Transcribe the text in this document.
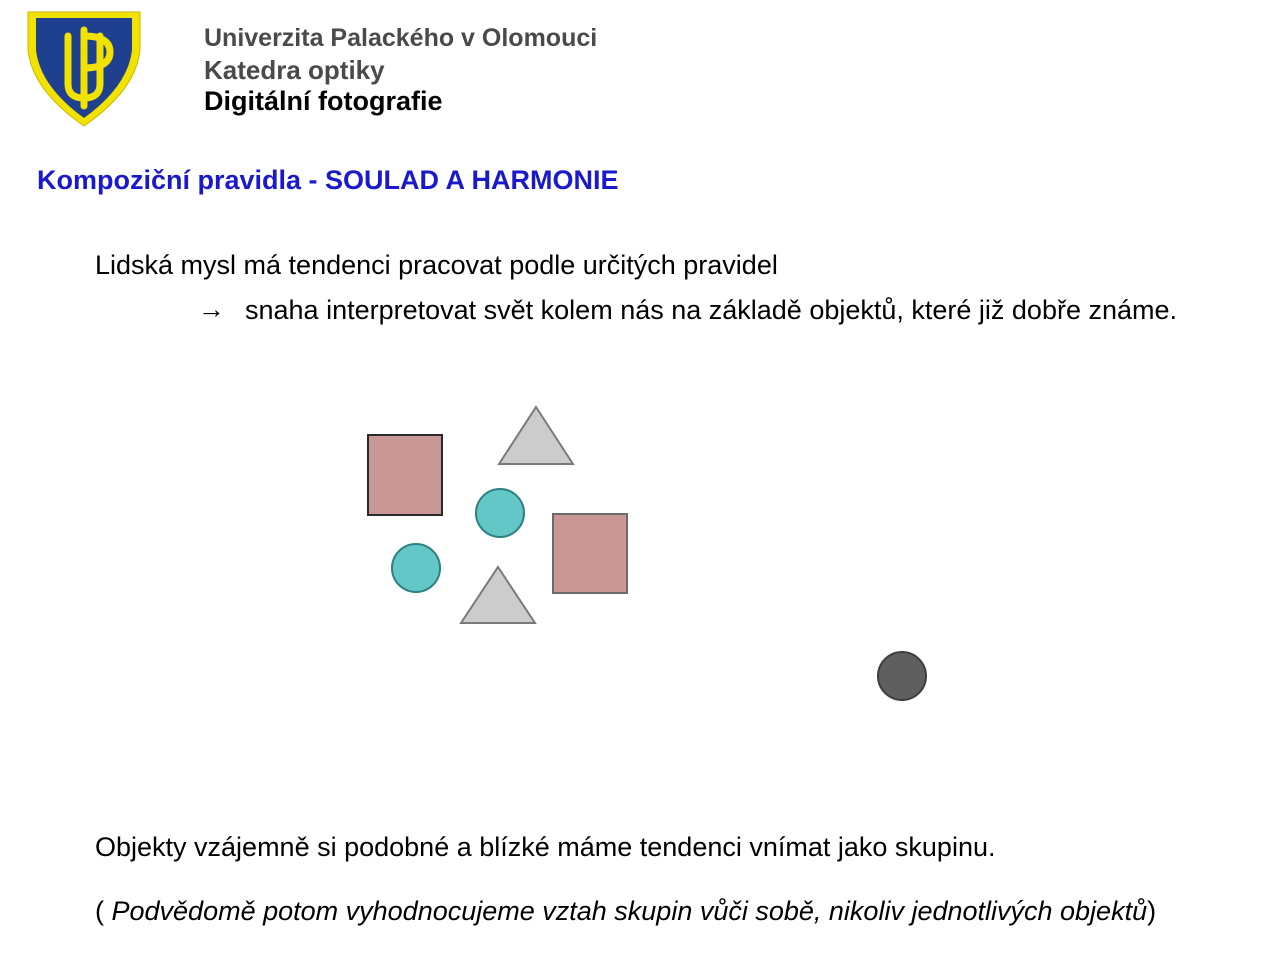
Univerzita Palackého v Olomouci
Katedra optiky
Digitální fotografie
Kompoziční pravidla - SOULAD A HARMONIE
Lidská mysl má tendenci pracovat podle určitých pravidel
→ snaha interpretovat svět kolem nás na základě objektů, které již dobře známe.
Objekty vzájemně si podobné a blízké máme tendenci vnímat jako skupinu.
( Podvědomě potom vyhodnocujeme vztah skupin vůči sobě, nikoliv jednotlivých objektů)
